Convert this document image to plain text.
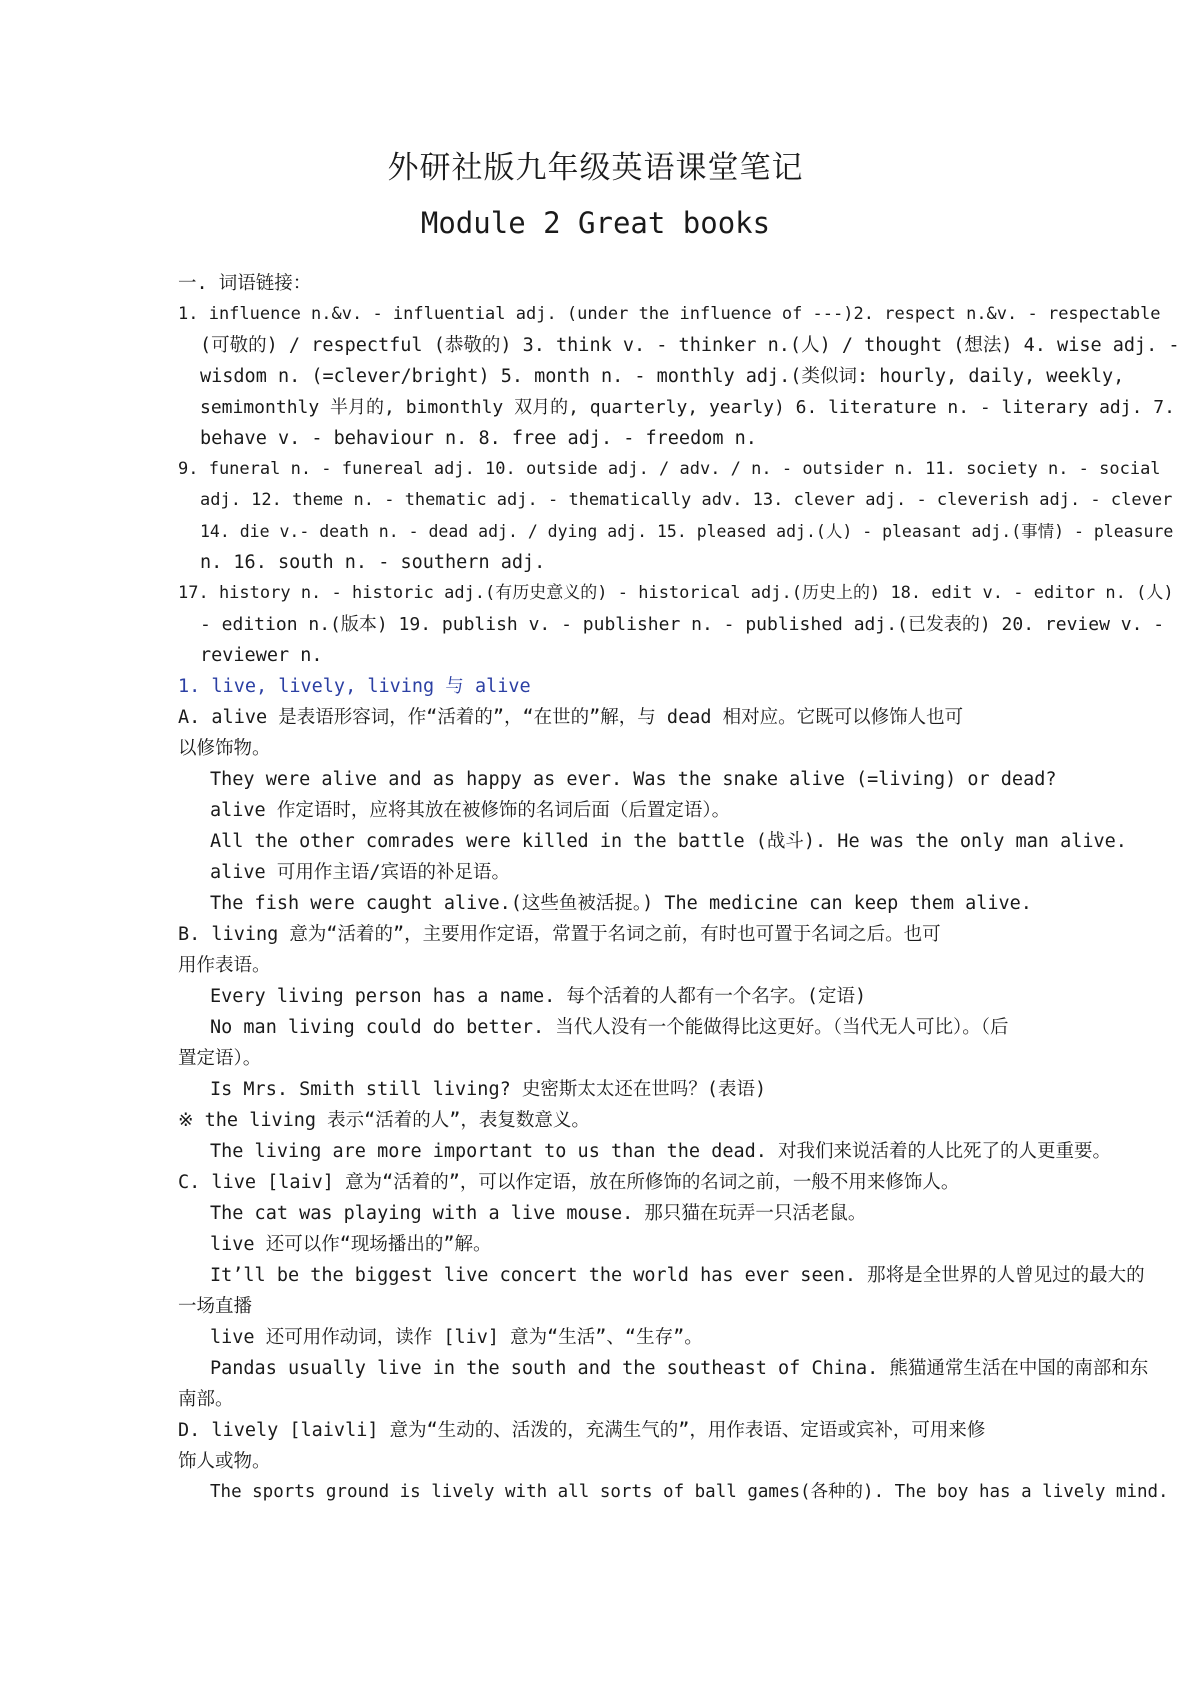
外研社版九年级英语课堂笔记
Module 2 Great books
一. 词语链接：
1. influence n.&v. - influential adj. (under the influence of ---)2. respect n.&v. - respectable
(可敬的) / respectful (恭敬的) 3. think v. - thinker n.(人) / thought (想法) 4. wise adj. -
wisdom n. (=clever/bright) 5. month n. - monthly adj.(类似词: hourly, daily, weekly,
semimonthly 半月的, bimonthly 双月的, quarterly, yearly) 6. literature n. - literary adj. 7.
behave v. - behaviour n. 8. free adj. - freedom n.
9. funeral n. - funereal adj. 10. outside adj. / adv. / n. - outsider n. 11. society n. - social
adj. 12. theme n. - thematic adj. - thematically adv. 13. clever adj. - cleverish adj. - clever
14. die v.- death n. - dead adj. / dying adj. 15. pleased adj.(人) - pleasant adj.(事情) - pleasure
n. 16. south n. - southern adj.
17. history n. - historic adj.(有历史意义的) - historical adj.(历史上的) 18. edit v. - editor n. (人)
- edition n.(版本) 19. publish v. - publisher n. - published adj.(已发表的) 20. review v. -
reviewer n.
1. live, lively, living 与 alive
A. alive 是表语形容词，作“活着的”，“在世的”解，与 dead 相对应。它既可以修饰人也可
以修饰物。
They were alive and as happy as ever. Was the snake alive (=living) or dead?
alive 作定语时，应将其放在被修饰的名词后面（后置定语）。
All the other comrades were killed in the battle (战斗). He was the only man alive.
alive 可用作主语/宾语的补足语。
The fish were caught alive.(这些鱼被活捉。) The medicine can keep them alive.
B. living 意为“活着的”，主要用作定语，常置于名词之前，有时也可置于名词之后。也可
用作表语。
Every living person has a name. 每个活着的人都有一个名字。(定语)
No man living could do better. 当代人没有一个能做得比这更好。（当代无人可比）。（后
置定语）。
Is Mrs. Smith still living? 史密斯太太还在世吗？(表语)
※ the living 表示“活着的人”，表复数意义。
The living are more important to us than the dead. 对我们来说活着的人比死了的人更重要。
C. live [laiv] 意为“活着的”，可以作定语，放在所修饰的名词之前，一般不用来修饰人。
The cat was playing with a live mouse. 那只猫在玩弄一只活老鼠。
live 还可以作“现场播出的”解。
It’ll be the biggest live concert the world has ever seen. 那将是全世界的人曾见过的最大的
一场直播
live 还可用作动词，读作 [liv] 意为“生活”、“生存”。
Pandas usually live in the south and the southeast of China. 熊猫通常生活在中国的南部和东
南部。
D. lively [laivli] 意为“生动的、活泼的，充满生气的”，用作表语、定语或宾补，可用来修
饰人或物。
The sports ground is lively with all sorts of ball games(各种的). The boy has a lively mind.
